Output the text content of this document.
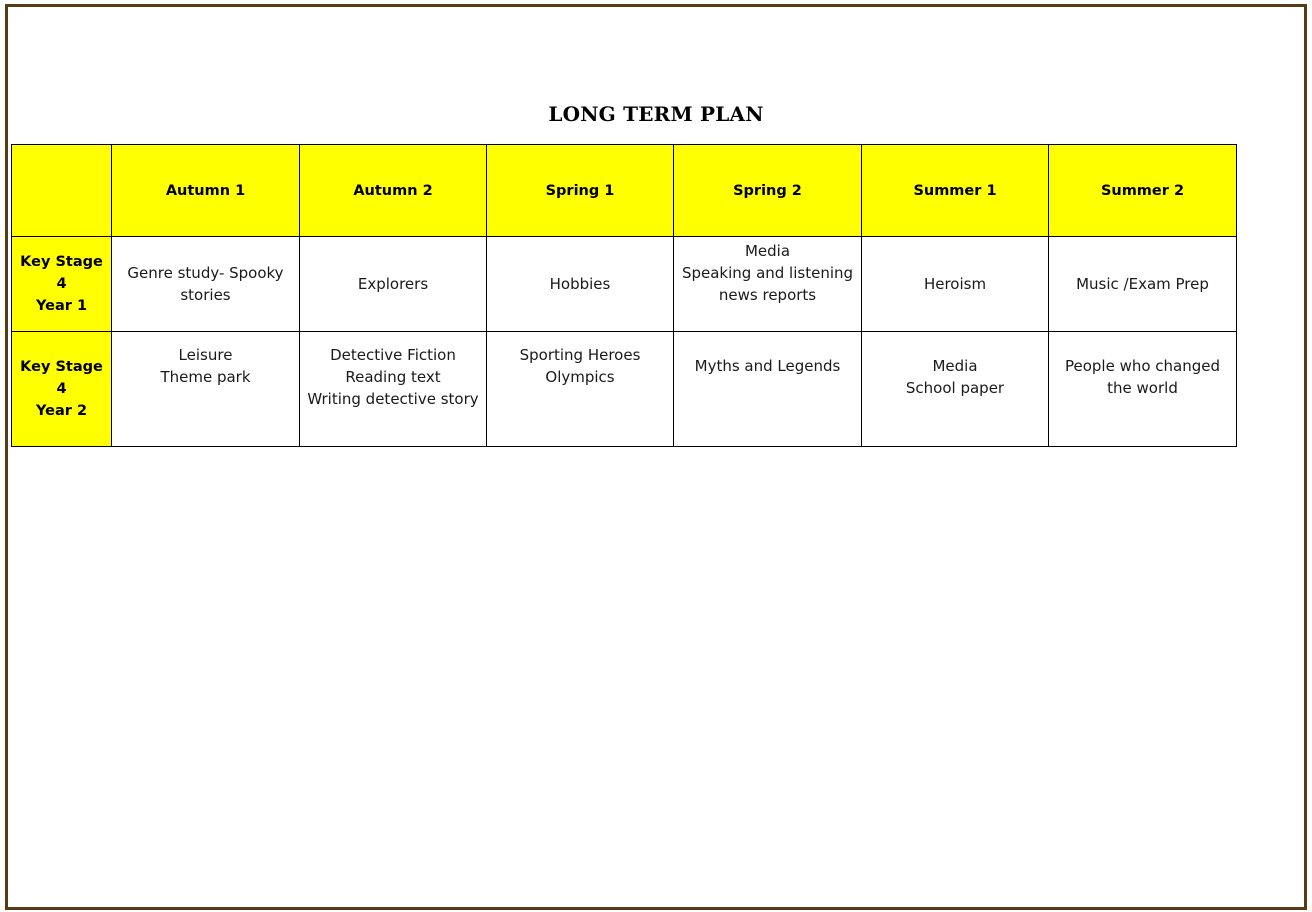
LONG TERM PLAN
	Autumn 1	Autumn 2	Spring 1	Spring 2	Summer 1	Summer 2

Key Stage 4
Year 1	Genre study- Spooky
stories	Explorers	Hobbies	Media
Speaking and listening
news reports	Heroism	Music /Exam Prep

Key Stage 4
Year 2	Leisure
Theme park	Detective Fiction
Reading text
Writing detective story	Sporting Heroes
Olympics	Myths and Legends	Media
School paper	People who changed
the world
